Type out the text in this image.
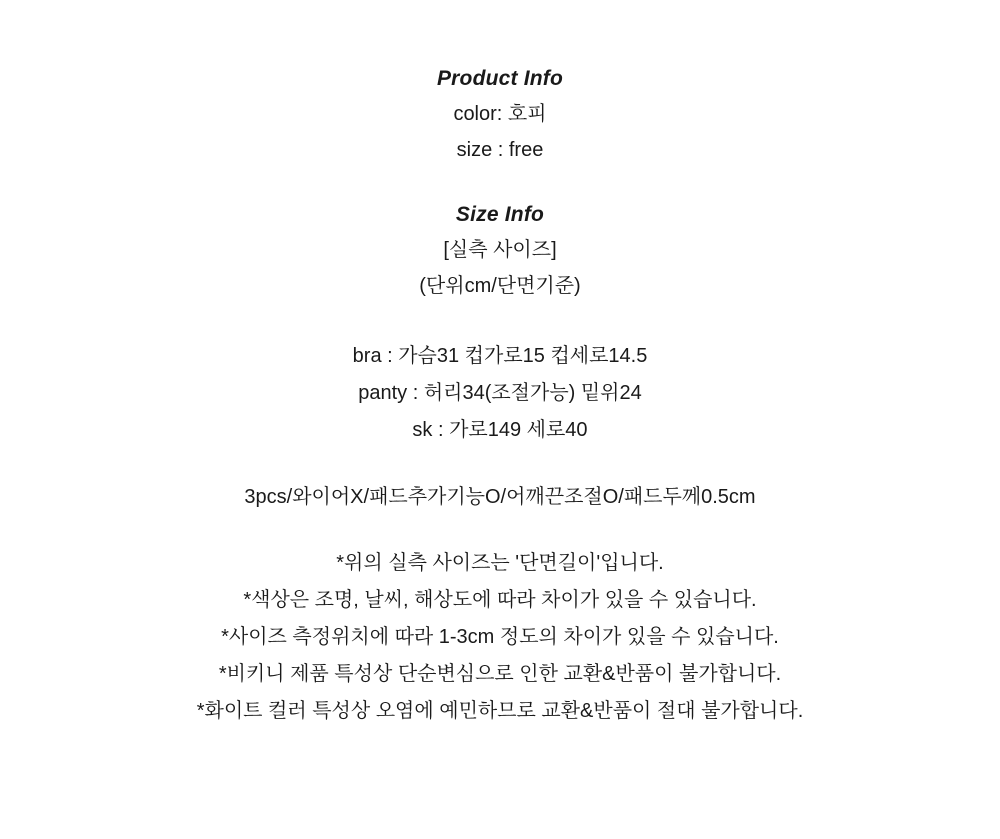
Product Info
color: 호피
size : free
Size Info
[실측 사이즈]
(단위cm/단면기준)
bra : 가슴31 컵가로15 컵세로14.5
panty : 허리34(조절가능) 밑위24
sk : 가로149 세로40
3pcs/와이어X/패드추가기능O/어깨끈조절O/패드두께0.5cm
*위의 실측 사이즈는 '단면길이'입니다.
*색상은 조명, 날씨, 해상도에 따라 차이가 있을 수 있습니다.
*사이즈 측정위치에 따라 1-3cm 정도의 차이가 있을 수 있습니다.
*비키니 제품 특성상 단순변심으로 인한 교환&반품이 불가합니다.
*화이트 컬러 특성상 오염에 예민하므로 교환&반품이 절대 불가합니다.
